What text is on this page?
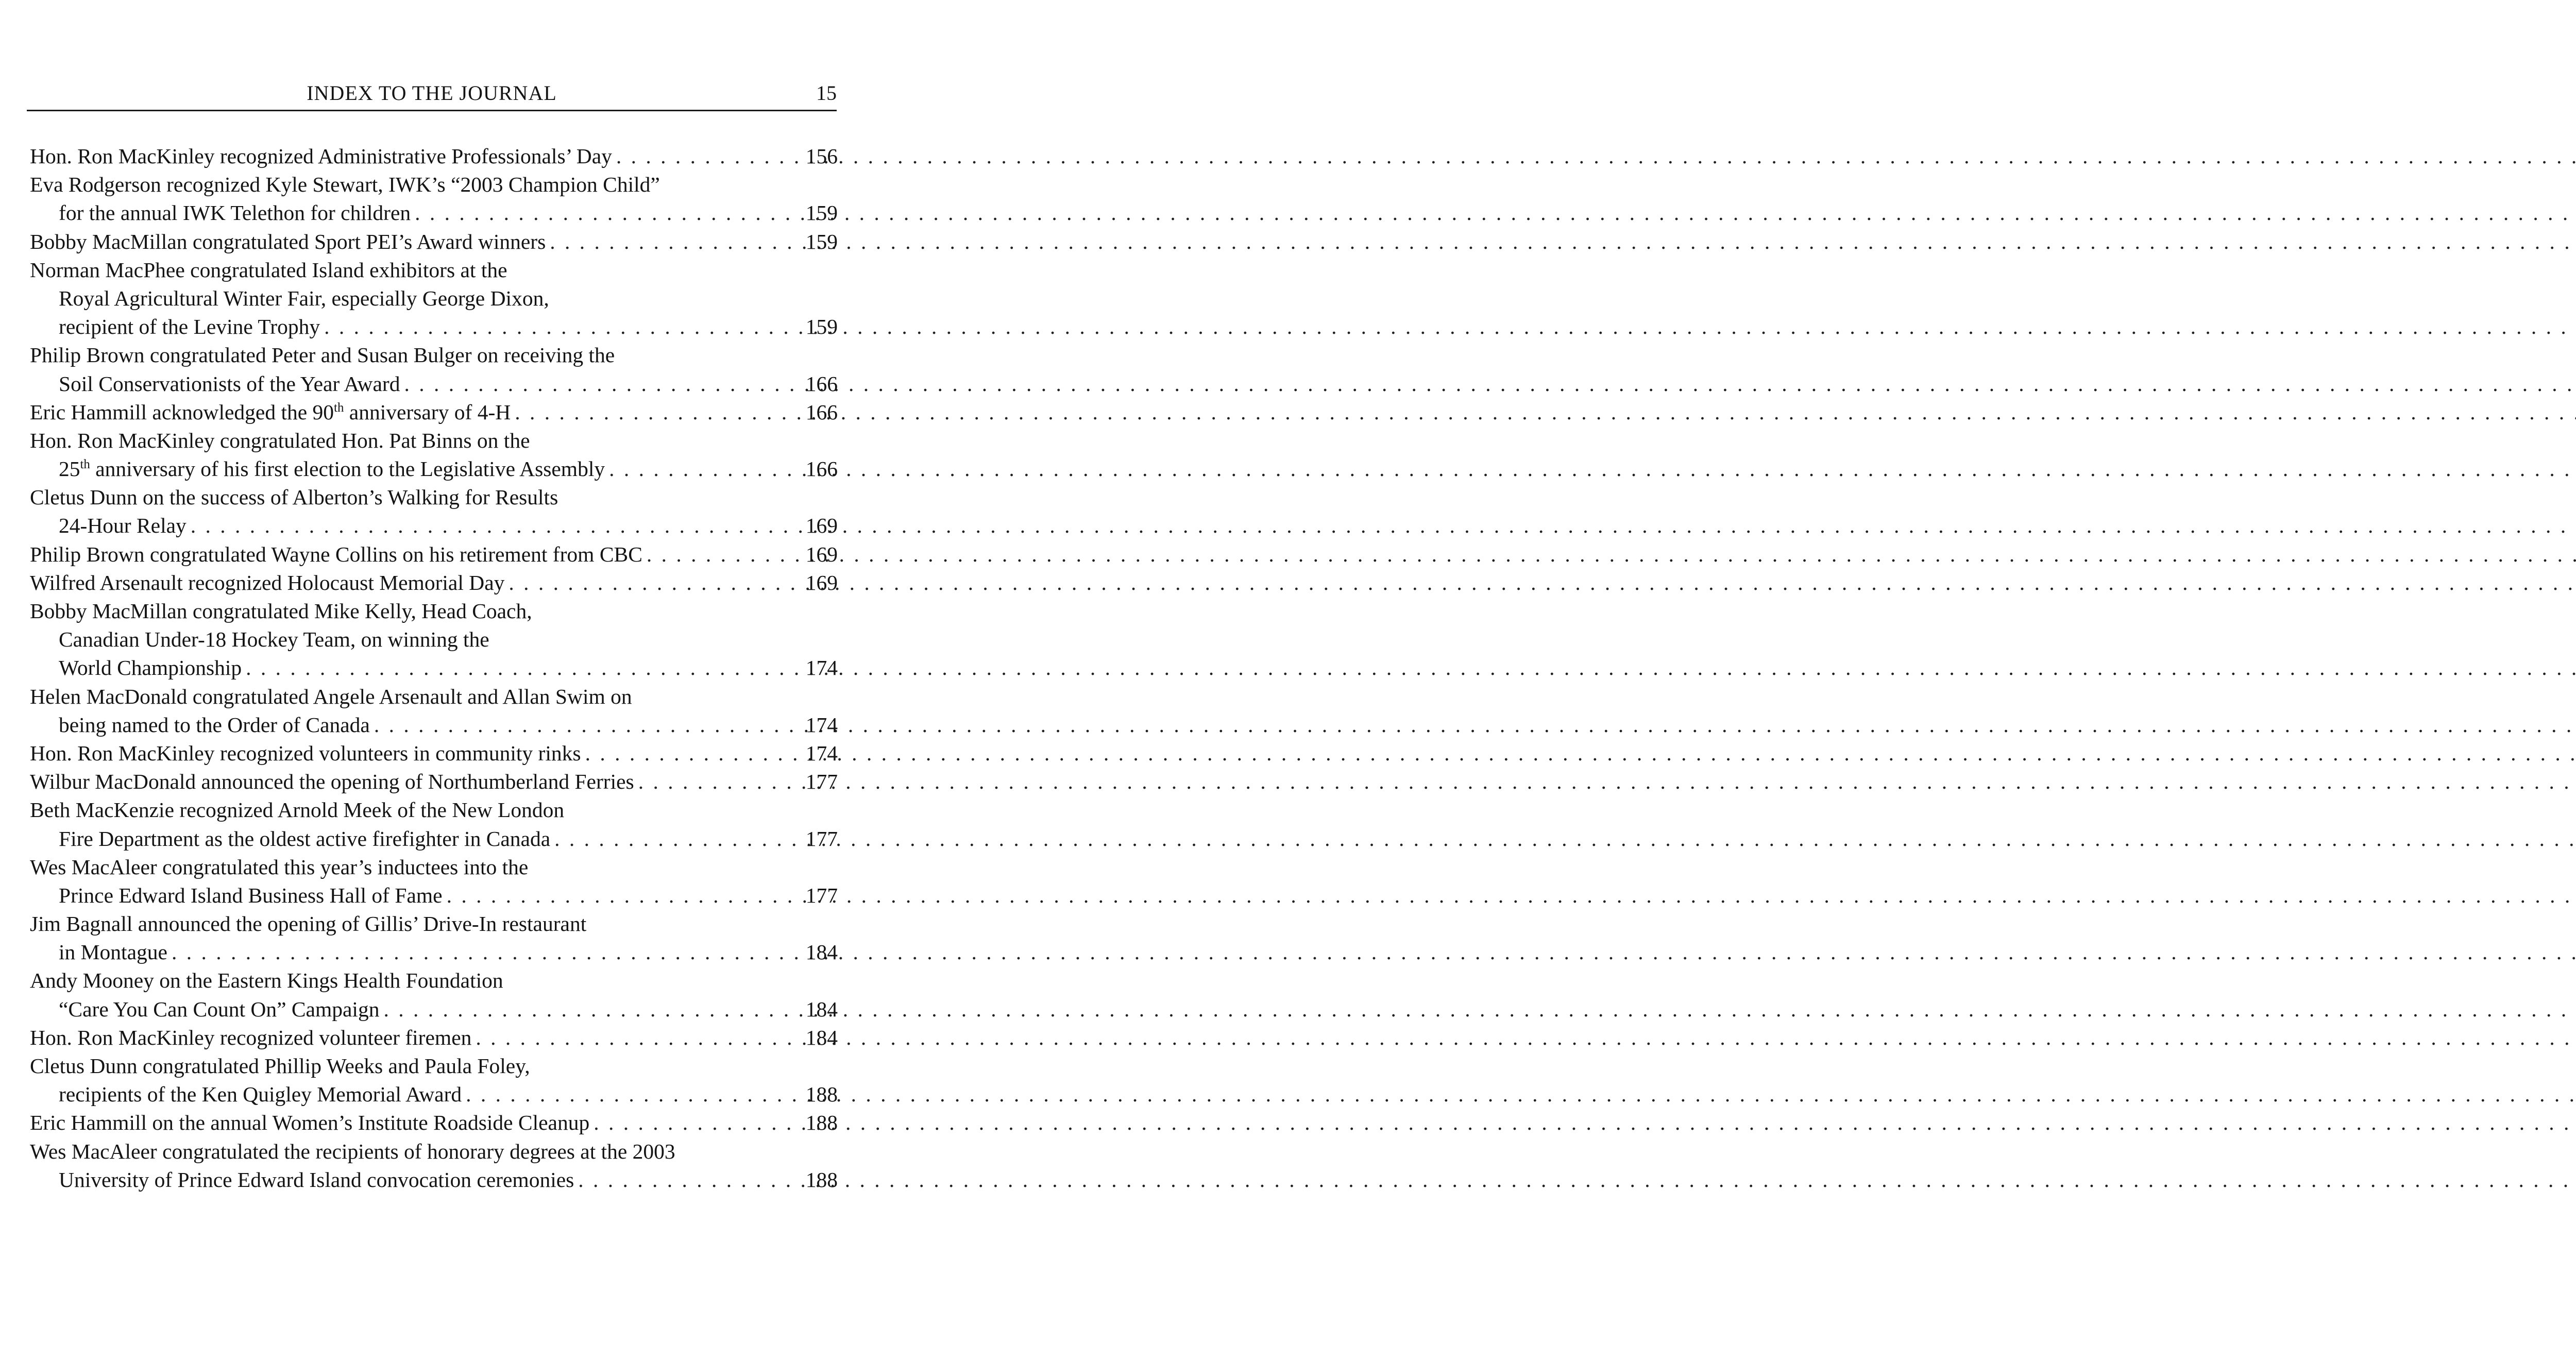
INDEX TO THE JOURNAL	15
Hon. Ron MacKinley recognized Administrative Professionals’ Day . . .	156
Eva Rodgerson recognized Kyle Stewart, IWK’s “2003 Champion Child”
for the annual IWK Telethon for children . . .	159
Bobby MacMillan congratulated Sport PEI’s Award winners . . .	159
Norman MacPhee congratulated Island exhibitors at the
Royal Agricultural Winter Fair, especially George Dixon,
recipient of the Levine Trophy . . .	159
Philip Brown congratulated Peter and Susan Bulger on receiving the
Soil Conservationists of the Year Award . . .	166
Eric Hammill acknowledged the 90th anniversary of 4-H . . .	166
Hon. Ron MacKinley congratulated Hon. Pat Binns on the
25th anniversary of his first election to the Legislative Assembly . . .	166
Cletus Dunn on the success of Alberton’s Walking for Results
24-Hour Relay . . .	169
Philip Brown congratulated Wayne Collins on his retirement from CBC . . .	169
Wilfred Arsenault recognized Holocaust Memorial Day . . .	169
Bobby MacMillan congratulated Mike Kelly, Head Coach,
Canadian Under-18 Hockey Team, on winning the
World Championship . . .	174
Helen MacDonald congratulated Angele Arsenault and Allan Swim on
being named to the Order of Canada . . .	174
Hon. Ron MacKinley recognized volunteers in community rinks . . .	174
Wilbur MacDonald announced the opening of Northumberland Ferries . . .	177
Beth MacKenzie recognized Arnold Meek of the New London
Fire Department as the oldest active firefighter in Canada . . .	177
Wes MacAleer congratulated this year’s inductees into the
Prince Edward Island Business Hall of Fame . . .	177
Jim Bagnall announced the opening of Gillis’ Drive-In restaurant
in Montague . . .	184
Andy Mooney on the Eastern Kings Health Foundation
“Care You Can Count On” Campaign . . .	184
Hon. Ron MacKinley recognized volunteer firemen . . .	184
Cletus Dunn congratulated Phillip Weeks and Paula Foley,
recipients of the Ken Quigley Memorial Award . . .	188
Eric Hammill on the annual Women’s Institute Roadside Cleanup . . .	188
Wes MacAleer congratulated the recipients of honorary degrees at the 2003
University of Prince Edward Island convocation ceremonies . . .	188
